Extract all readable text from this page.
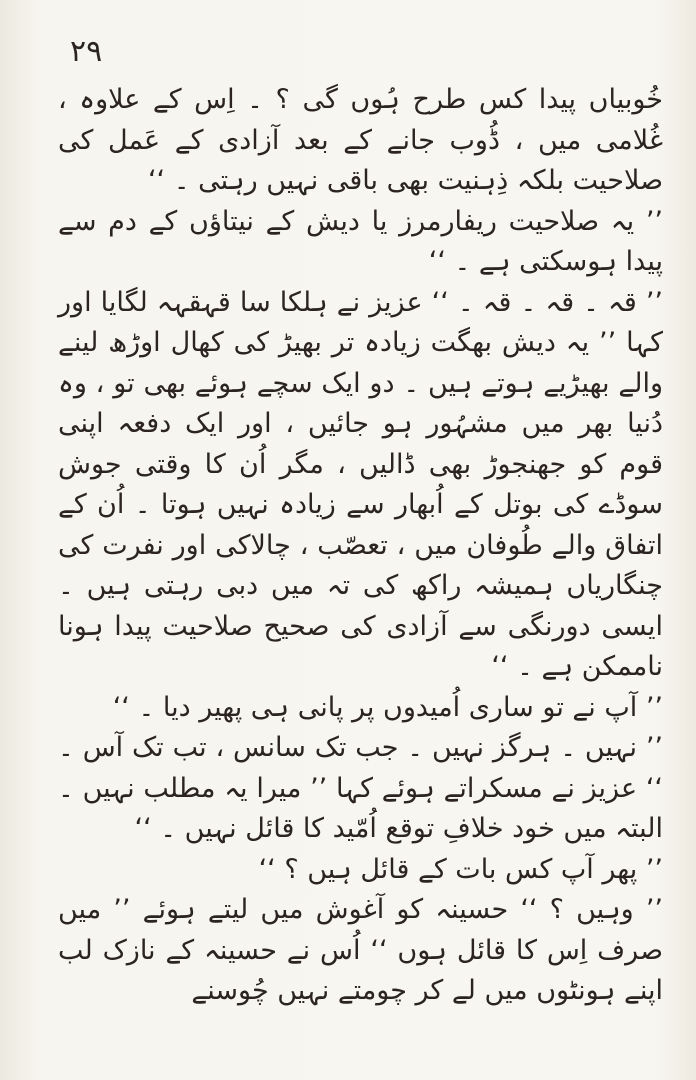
۲۹

خُوبیاں پیدا کس طرح ہُوں گی ؟ ۔ اِس کے علاوہ ، غُلامی میں ، ڈُوب جانے کے بعد آزادی کے عَمل کی صلاحیت بلکہ ذِہنیت بھی باقی نہیں رہتی ۔ ‘‘

’’ یہ صلاحیت ریفارمرز یا دیش کے نیتاؤں کے دم سے پیدا ہوسکتی ہے ۔ ‘‘

’’ قہ ۔ قہ ۔ قہ ۔ ‘‘ عزیز نے ہلکا سا قہقہہ لگایا اور کہا ’’ یہ دیش بھگت زیادہ تر بھیڑ کی کھال اوڑھ لینے والے بھیڑیے ہوتے ہیں ۔ دو ایک سچے ہوئے بھی تو ، وہ دُنیا بھر میں مشہُور ہو جائیں ، اور ایک دفعہ اپنی قوم کو جھنجوڑ بھی ڈالیں ، مگر اُن کا وقتی جوش سوڈے کی بوتل کے اُبھار سے زیادہ نہیں ہوتا ۔ اُن کے اتفاق والے طُوفان میں ، تعصّب ، چالاکی اور نفرت کی چنگاریاں ہمیشہ راکھ کی تہ میں دبی رہتی ہیں ۔ ایسی دورنگی سے آزادی کی صحیح صلاحیت پیدا ہونا ناممکن ہے ۔ ‘‘

’’ آپ نے تو ساری اُمیدوں پر پانی ہی پھیر دیا ۔ ‘‘

’’ نہیں ۔ ہرگز نہیں ۔ جب تک سانس ، تب تک آس ۔ ‘‘ عزیز نے مسکراتے ہوئے کہا ’’ میرا یہ مطلب نہیں ۔ البتہ میں خود خلافِ توقع اُمّید کا قائل نہیں ۔ ‘‘

’’ پھر آپ کس بات کے قائل ہیں ؟ ‘‘

’’ وہیں ؟ ‘‘ حسینہ کو آغوش میں لیتے ہوئے ’’ میں صرف اِس کا قائل ہوں ‘‘ اُس نے حسینہ کے نازک لب اپنے ہونٹوں میں لے کر چومتے نہیں چُوسنے
